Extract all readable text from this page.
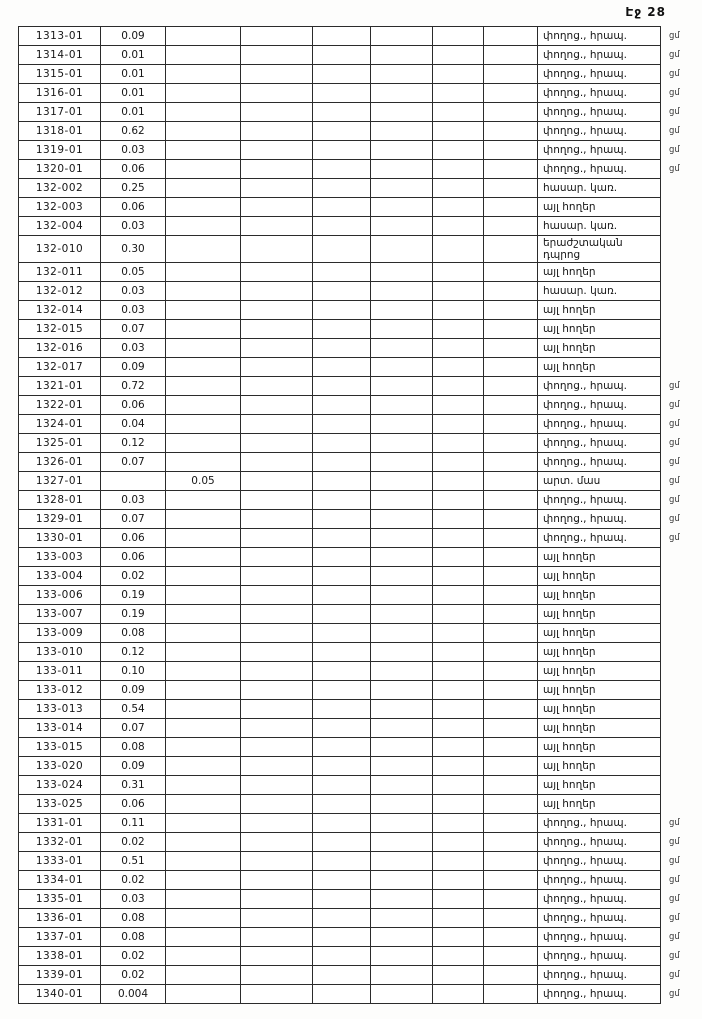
Էջ 28
1313-01	0.09							փողոց., հրապ.	ցմ
1314-01	0.01							փողոց., հրապ.	ցմ
1315-01	0.01							փողոց., հրապ.	ցմ
1316-01	0.01							փողոց., հրապ.	ցմ
1317-01	0.01							փողոց., հրապ.	ցմ
1318-01	0.62							փողոց., հրապ.	ցմ
1319-01	0.03							փողոց., հրապ.	ցմ
1320-01	0.06							փողոց., հրապ.	ցմ
132-002	0.25							հասար. կառ.	
132-003	0.06							այլ հողեր	
132-004	0.03							հասար. կառ.	
132-010	0.30							երաժշտական դպրոց	
132-011	0.05							այլ հողեր	
132-012	0.03							հասար. կառ.	
132-014	0.03							այլ հողեր	
132-015	0.07							այլ հողեր	
132-016	0.03							այլ հողեր	
132-017	0.09							այլ հողեր	
1321-01	0.72							փողոց., հրապ.	ցմ
1322-01	0.06							փողոց., հրապ.	ցմ
1324-01	0.04							փողոց., հրապ.	ցմ
1325-01	0.12							փողոց., հրապ.	ցմ
1326-01	0.07							փողոց., հրապ.	ցմ
1327-01		0.05						արտ. մաս	ցմ
1328-01	0.03							փողոց., հրապ.	ցմ
1329-01	0.07							փողոց., հրապ.	ցմ
1330-01	0.06							փողոց., հրապ.	ցմ
133-003	0.06							այլ հողեր	
133-004	0.02							այլ հողեր	
133-006	0.19							այլ հողեր	
133-007	0.19							այլ հողեր	
133-009	0.08							այլ հողեր	
133-010	0.12							այլ հողեր	
133-011	0.10							այլ հողեր	
133-012	0.09							այլ հողեր	
133-013	0.54							այլ հողեր	
133-014	0.07							այլ հողեր	
133-015	0.08							այլ հողեր	
133-020	0.09							այլ հողեր	
133-024	0.31							այլ հողեր	
133-025	0.06							այլ հողեր	
1331-01	0.11							փողոց., հրապ.	ցմ
1332-01	0.02							փողոց., հրապ.	ցմ
1333-01	0.51							փողոց., հրապ.	ցմ
1334-01	0.02							փողոց., հրապ.	ցմ
1335-01	0.03							փողոց., հրապ.	ցմ
1336-01	0.08							փողոց., հրապ.	ցմ
1337-01	0.08							փողոց., հրապ.	ցմ
1338-01	0.02							փողոց., հրապ.	ցմ
1339-01	0.02							փողոց., հրապ.	ցմ
1340-01	0.004							փողոց., հրապ.	ցմ
